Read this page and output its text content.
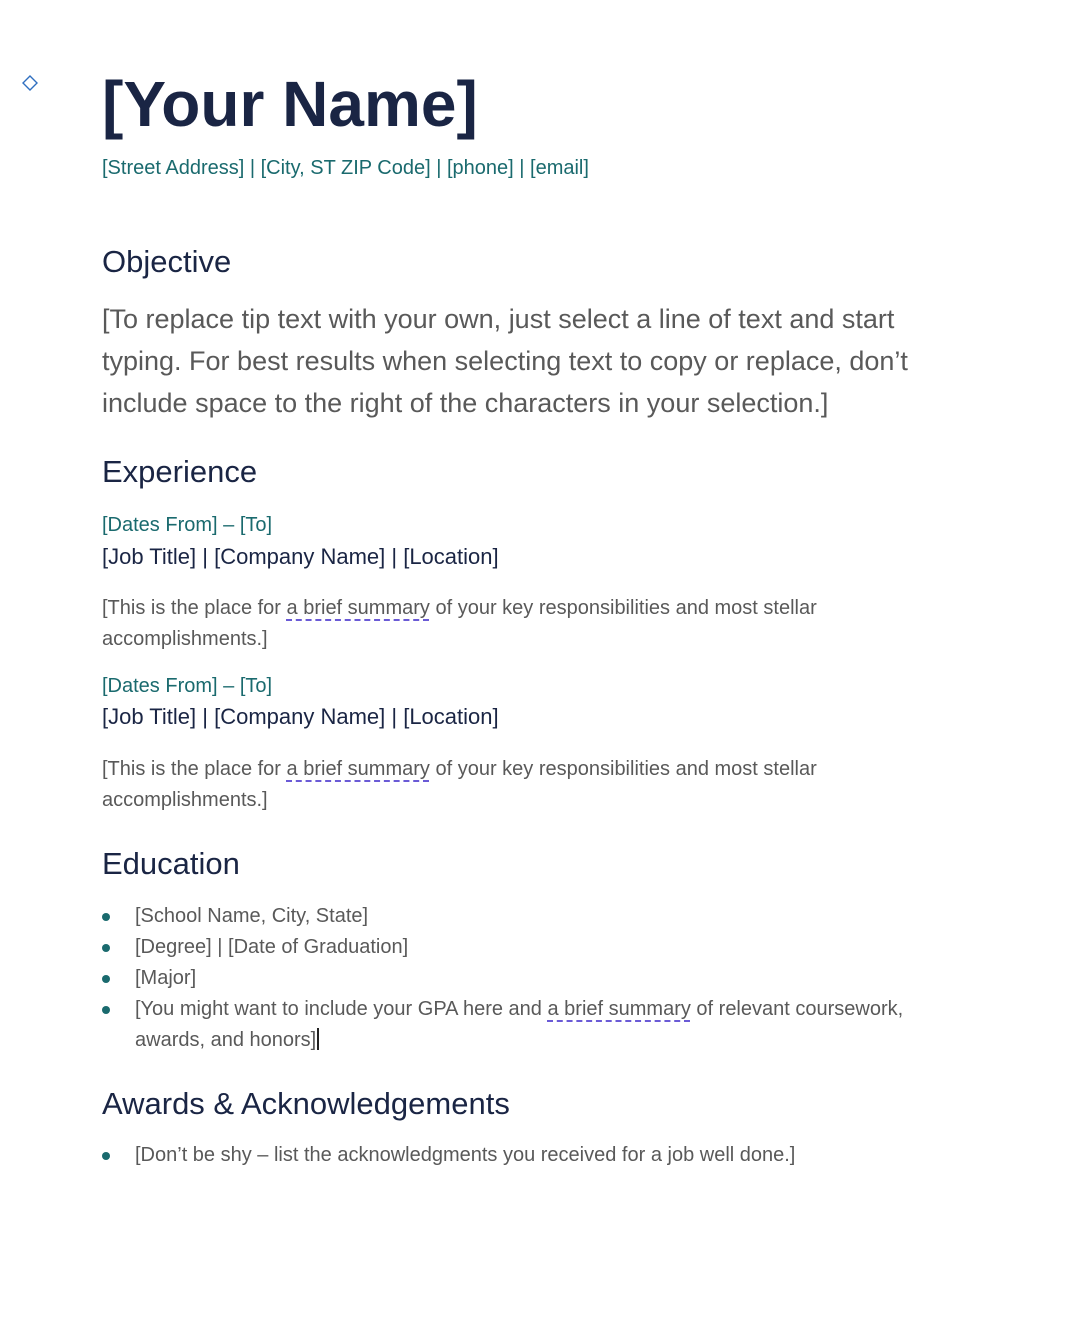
[Your Name]
[Street Address] | [City, ST ZIP Code] | [phone] | [email]
Objective
[To replace tip text with your own, just select a line of text and start typing. For best results when selecting text to copy or replace, don’t include space to the right of the characters in your selection.]
Experience
[Dates From] – [To]
[Job Title] | [Company Name] | [Location]
[This is the place for a brief summary of your key responsibilities and most stellar accomplishments.]
[Dates From] – [To]
[Job Title] | [Company Name] | [Location]
[This is the place for a brief summary of your key responsibilities and most stellar accomplishments.]
Education
[School Name, City, State]
[Degree] | [Date of Graduation]
[Major]
[You might want to include your GPA here and a brief summary of relevant coursework, awards, and honors]
Awards & Acknowledgements
[Don’t be shy – list the acknowledgments you received for a job well done.]
